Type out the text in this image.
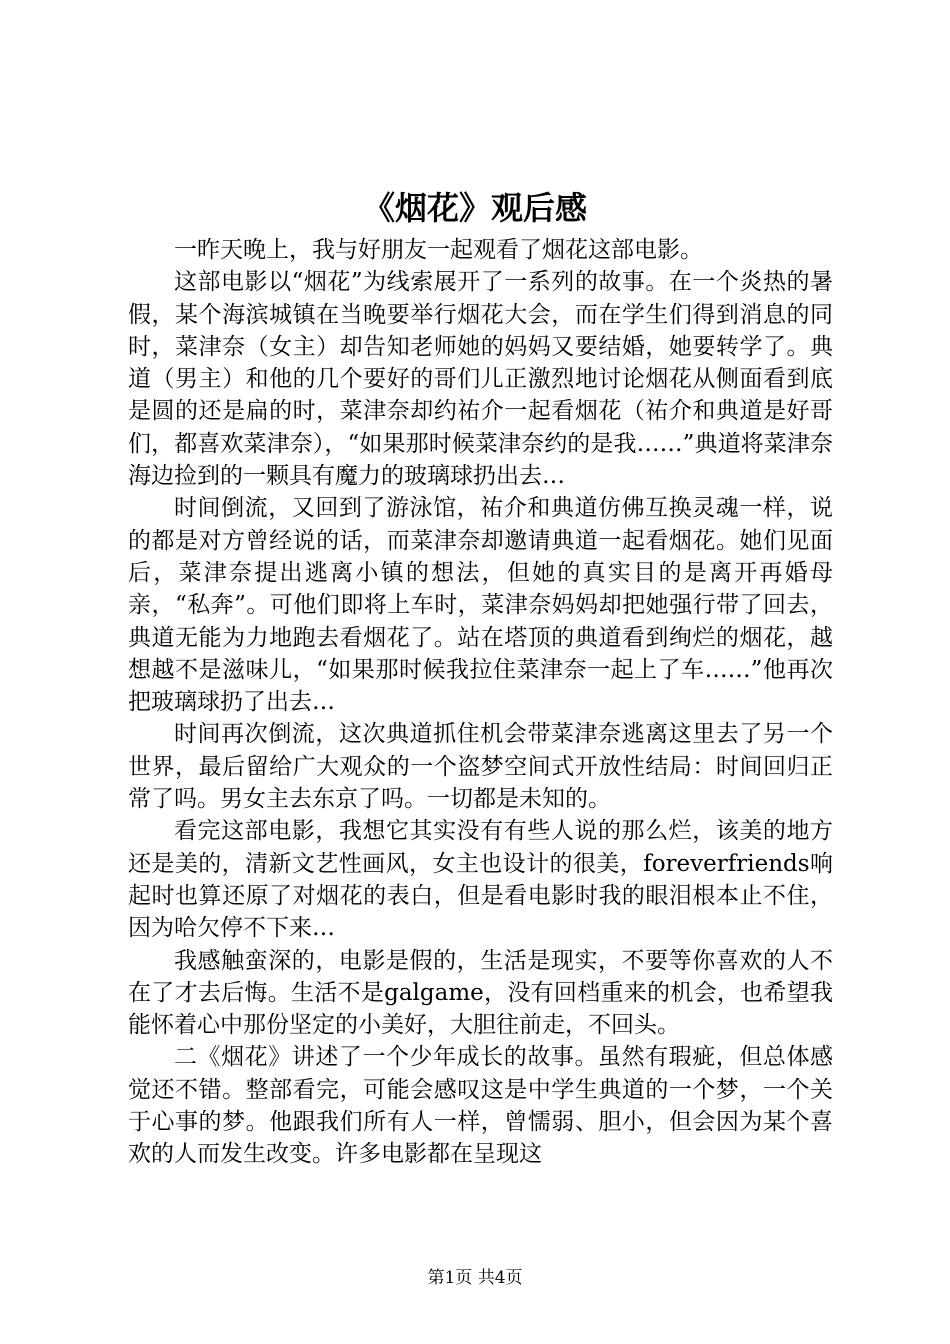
《烟花》观后感

一昨天晚上，我与好朋友一起观看了烟花这部电影。

这部电影以“烟花”为线索展开了一系列的故事。在一个炎热的暑假，某个海滨城镇在当晚要举行烟花大会，而在学生们得到消息的同时，菜津奈（女主）却告知老师她的妈妈又要结婚，她要转学了。典道（男主）和他的几个要好的哥们儿正激烈地讨论烟花从侧面看到底是圆的还是扁的时，菜津奈却约祐介一起看烟花（祐介和典道是好哥们，都喜欢菜津奈），“如果那时候菜津奈约的是我……”典道将菜津奈海边捡到的一颗具有魔力的玻璃球扔出去…

时间倒流，又回到了游泳馆，祐介和典道仿佛互换灵魂一样，说的都是对方曾经说的话，而菜津奈却邀请典道一起看烟花。她们见面后，菜津奈提出逃离小镇的想法，但她的真实目的是离开再婚母亲，“私奔”。可他们即将上车时，菜津奈妈妈却把她强行带了回去，典道无能为力地跑去看烟花了。站在塔顶的典道看到绚烂的烟花，越想越不是滋味儿，“如果那时候我拉住菜津奈一起上了车……”他再次把玻璃球扔了出去…

时间再次倒流，这次典道抓住机会带菜津奈逃离这里去了另一个世界，最后留给广大观众的一个盗梦空间式开放性结局：时间回归正常了吗。男女主去东京了吗。一切都是未知的。

看完这部电影，我想它其实没有有些人说的那么烂，该美的地方还是美的，清新文艺性画风，女主也设计的很美，foreverfriends响起时也算还原了对烟花的表白，但是看电影时我的眼泪根本止不住，因为哈欠停不下来…

我感触蛮深的，电影是假的，生活是现实，不要等你喜欢的人不在了才去后悔。生活不是galgame，没有回档重来的机会，也希望我能怀着心中那份坚定的小美好，大胆往前走，不回头。

二《烟花》讲述了一个少年成长的故事。虽然有瑕疵，但总体感觉还不错。整部看完，可能会感叹这是中学生典道的一个梦，一个关于心事的梦。他跟我们所有人一样，曾懦弱、胆小，但会因为某个喜欢的人而发生改变。许多电影都在呈现这

第1页 共4页
